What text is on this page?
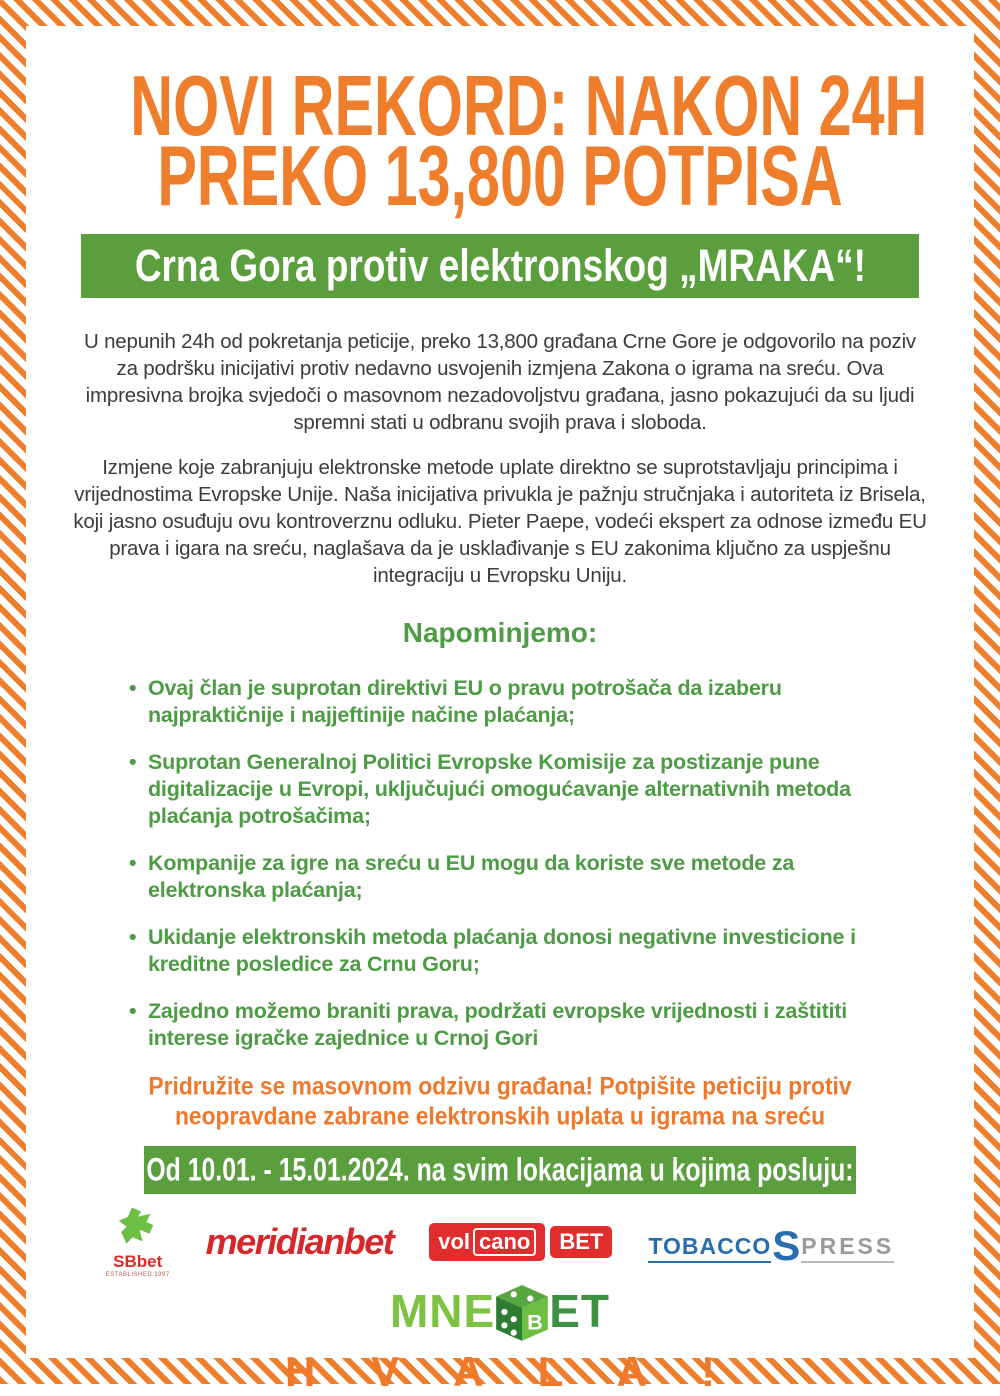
NOVI REKORD: NAKON 24H
PREKO 13,800 POTPISA
Crna Gora protiv elektronskog „MRAKA“!

U nepunih 24h od pokretanja peticije, preko 13,800 građana Crne Gore je odgovorilo na poziv za podršku inicijativi protiv nedavno usvojenih izmjena Zakona o igrama na sreću. Ova impresivna brojka svjedoči o masovnom nezadovoljstvu građana, jasno pokazujući da su ljudi spremni stati u odbranu svojih prava i sloboda.

Izmjene koje zabranjuju elektronske metode uplate direktno se suprotstavljaju principima i vrijednostima Evropske Unije. Naša inicijativa privukla je pažnju stručnjaka i autoriteta iz Brisela, koji jasno osuđuju ovu kontroverznu odluku. Pieter Paepe, vodeći ekspert za odnose između EU prava i igara na sreću, naglašava da je usklađivanje s EU zakonima ključno za uspješnu integraciju u Evropsku Uniju.

Napominjemo:
• Ovaj član je suprotan direktivi EU o pravu potrošača da izaberu najpraktičnije i najjeftinije načine plaćanja;
• Suprotan Generalnoj Politici Evropske Komisije za postizanje pune digitalizacije u Evropi, uključujući omogućavanje alternativnih metoda plaćanja potrošačima;
• Kompanije za igre na sreću u EU mogu da koriste sve metode za elektronska plaćanja;
• Ukidanje elektronskih metoda plaćanja donosi negativne investicione i kreditne posledice za Crnu Goru;
• Zajedno možemo braniti prava, podržati evropske vrijednosti i zaštititi interese igračke zajednice u Crnoj Gori
Pridružite se masovnom odzivu građana! Potpišite peticiju protiv
neopravdane zabrane elektronskih uplata u igrama na sreću
Od 10.01. - 15.01.2024. na svim lokacijama u kojima posluju:
SBbet
ESTABLISHED 1997
meridianbet vol cano	BET	TOBACCO S PRESS
MNE B ET
H V A L A !
